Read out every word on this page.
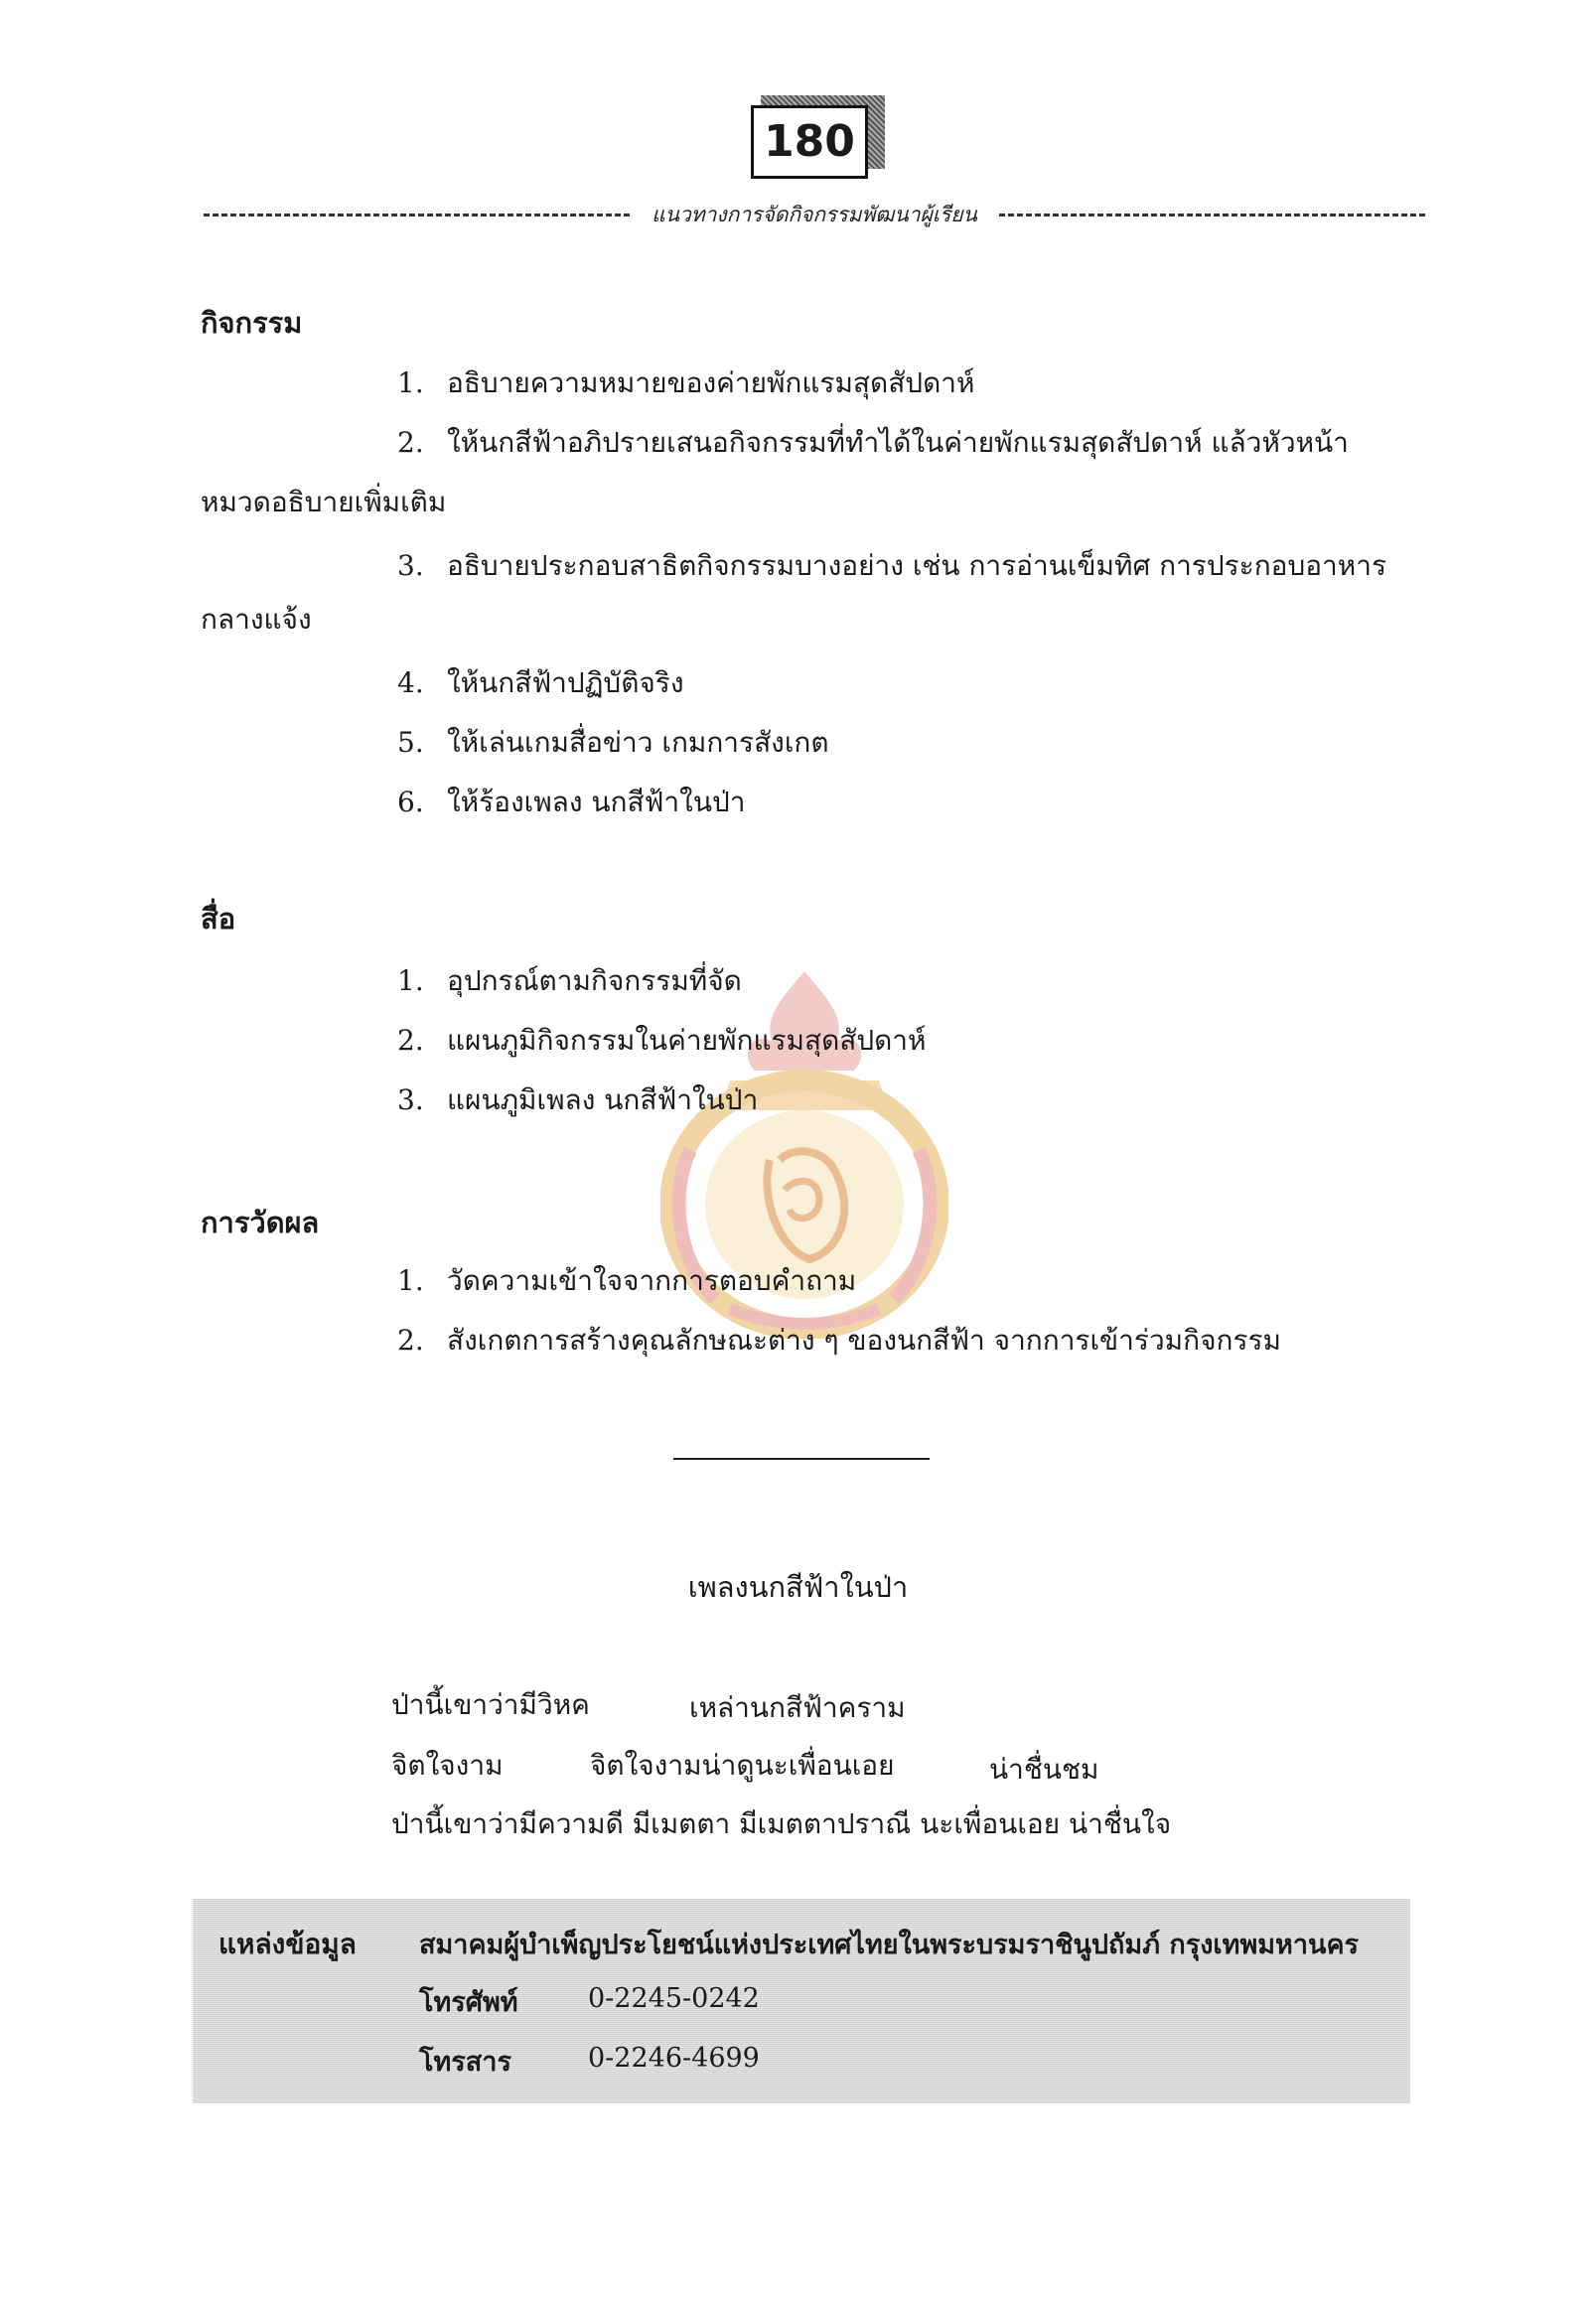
180
แนวทางการจัดกิจกรรมพัฒนาผู้เรียน
กิจกรรม
1. อธิบายความหมายของค่ายพักแรมสุดสัปดาห์
2. ให้นกสีฟ้าอภิปรายเสนอกิจกรรมที่ทำได้ในค่ายพักแรมสุดสัปดาห์ แล้วหัวหน้า
หมวดอธิบายเพิ่มเติม
3. อธิบายประกอบสาธิตกิจกรรมบางอย่าง เช่น การอ่านเข็มทิศ การประกอบอาหาร
กลางแจ้ง
4. ให้นกสีฟ้าปฏิบัติจริง
5. ให้เล่นเกมสื่อข่าว เกมการสังเกต
6. ให้ร้องเพลง นกสีฟ้าในป่า
สื่อ
1. อุปกรณ์ตามกิจกรรมที่จัด
2. แผนภูมิกิจกรรมในค่ายพักแรมสุดสัปดาห์
3. แผนภูมิเพลง นกสีฟ้าในป่า
การวัดผล
1. วัดความเข้าใจจากการตอบคำถาม
2. สังเกตการสร้างคุณลักษณะต่าง ๆ ของนกสีฟ้า จากการเข้าร่วมกิจกรรม
เพลงนกสีฟ้าในป่า
ป่านี้เขาว่ามีวิหค	เหล่านกสีฟ้าคราม
จิตใจงาม	จิตใจงามน่าดูนะเพื่อนเอย	น่าชื่นชม
ป่านี้เขาว่ามีความดี มีเมตตา มีเมตตาปราณี นะเพื่อนเอย น่าชื่นใจ
แหล่งข้อมูล สมาคมผู้บำเพ็ญประโยชน์แห่งประเทศไทยในพระบรมราชินูปถัมภ์ กรุงเทพมหานคร
โทรศัพท์	0-2245-0242
โทรสาร	0-2246-4699
